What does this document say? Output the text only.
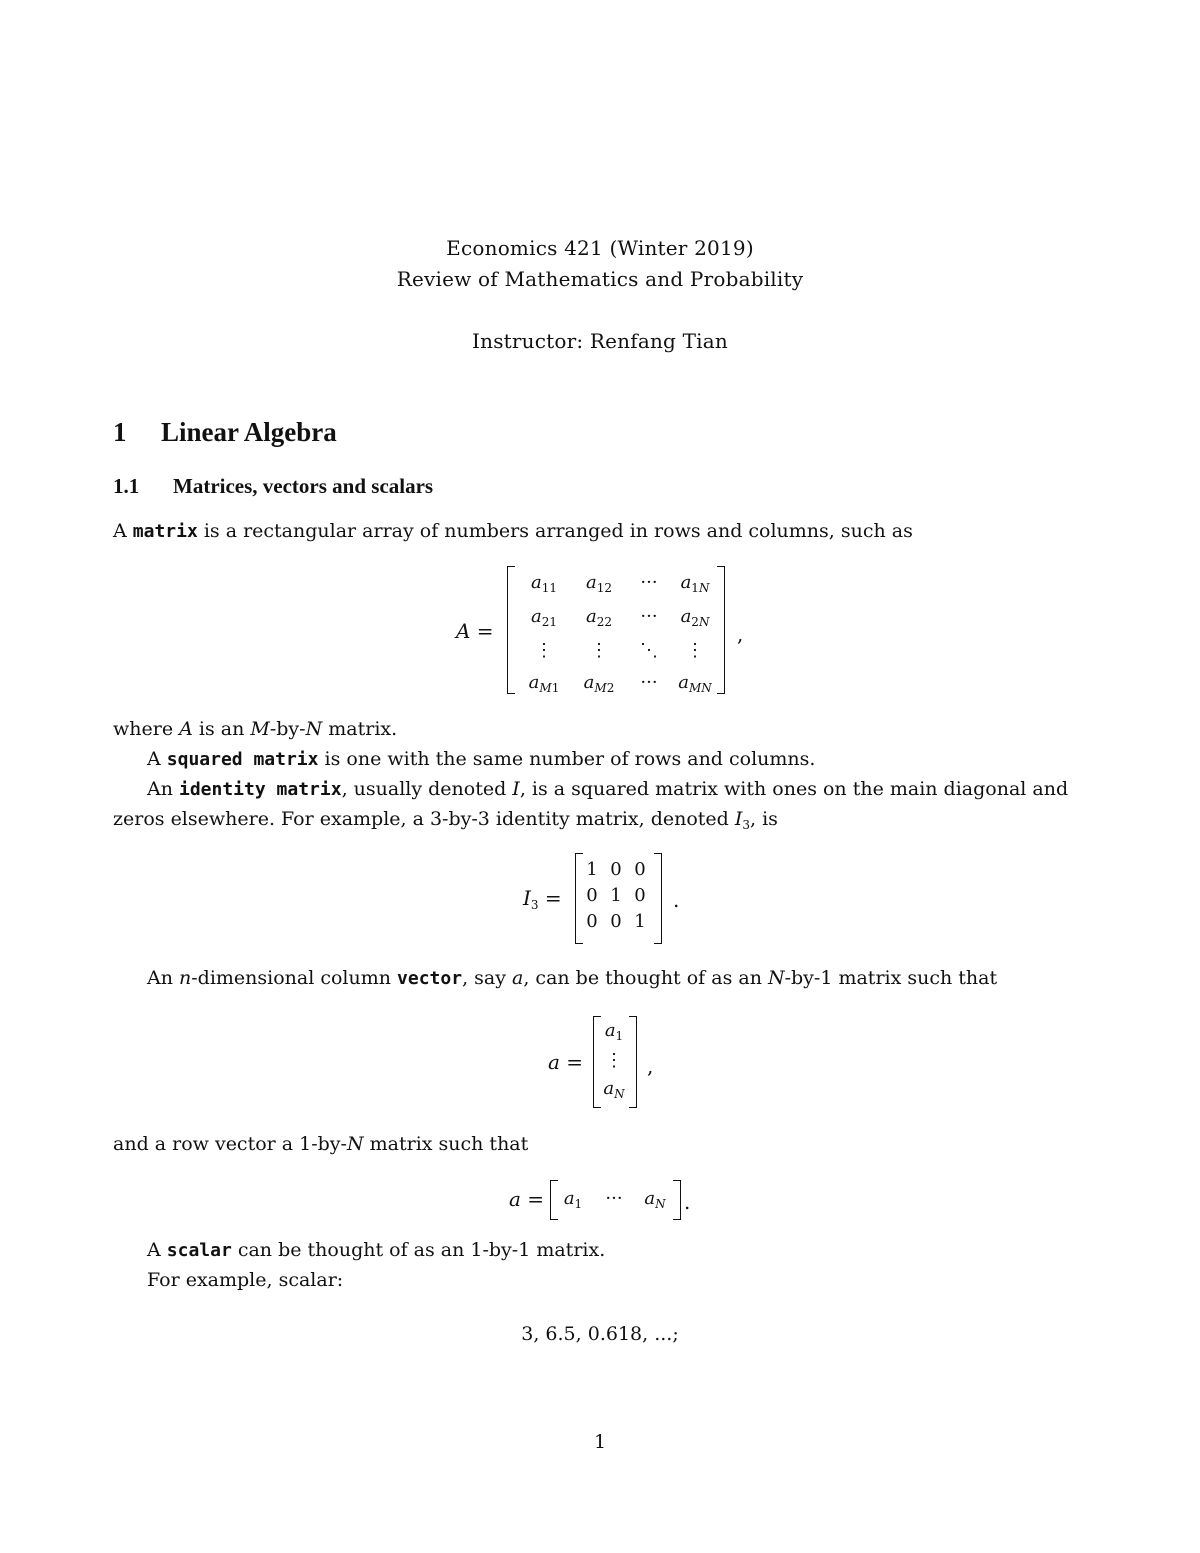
Economics 421 (Winter 2019)
Review of Mathematics and Probability
Instructor: Renfang Tian
1 Linear Algebra
1.1 Matrices, vectors and scalars
A matrix is a rectangular array of numbers arranged in rows and columns, such as
A =
$a_{11}$	$a_{12}$	···	$a_{1N}$
$a_{21}$	$a_{22}$	···	$a_{2N}$
⋮	⋮	⋱	⋮
$a_{M1}$	$a_{M2}$	···	$a_{MN}$
,
where A is an M-by-N matrix.
A squared matrix is one with the same number of rows and columns.
An identity matrix, usually denoted I, is a squared matrix with ones on the main diagonal and
zeros elsewhere. For example, a 3-by-3 identity matrix, denoted $I_3$, is
$I_3$ =
1 0 0
0 1 0
0 0 1
.
An n-dimensional column vector, say a, can be thought of as an N-by-1 matrix such that
a =
$a_1$
⋮
$a_N$
,
and a row vector a 1-by-N matrix such that
a =	$a_1$	···	$a_N$ .
A scalar can be thought of as an 1-by-1 matrix.
For example, scalar:
3, 6.5, 0.618, ...;
1
